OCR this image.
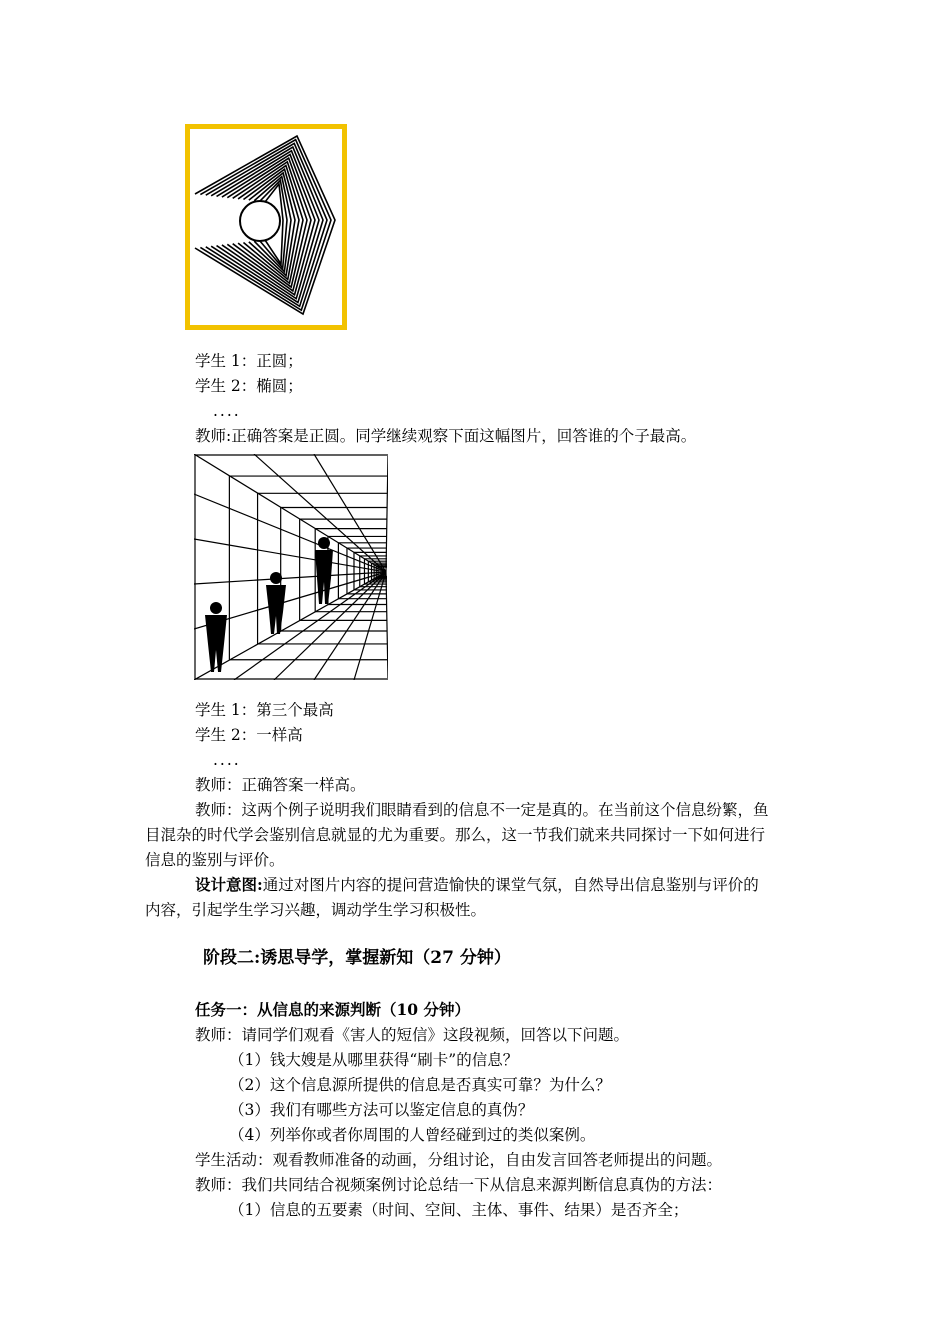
学生 1：正圆；
学生 2：椭圆；
....
教师:正确答案是正圆。同学继续观察下面这幅图片，回答谁的个子最高。
学生 1：第三个最高
学生 2：一样高
....
教师：正确答案一样高。
教师：这两个例子说明我们眼睛看到的信息不一定是真的。在当前这个信息纷繁，鱼
目混杂的时代学会鉴别信息就显的尤为重要。那么，这一节我们就来共同探讨一下如何进行
信息的鉴别与评价。
设计意图:通过对图片内容的提问营造愉快的课堂气氛，自然导出信息鉴别与评价的
内容，引起学生学习兴趣，调动学生学习积极性。
阶段二:诱思导学，掌握新知（27 分钟）
任务一：从信息的来源判断（10 分钟）
教师：请同学们观看《害人的短信》这段视频，回答以下问题。
（1）钱大嫂是从哪里获得“刷卡”的信息？
（2）这个信息源所提供的信息是否真实可靠？为什么？
（3）我们有哪些方法可以鉴定信息的真伪？
（4）列举你或者你周围的人曾经碰到过的类似案例。
学生活动：观看教师准备的动画，分组讨论，自由发言回答老师提出的问题。
教师：我们共同结合视频案例讨论总结一下从信息来源判断信息真伪的方法：
（1）信息的五要素（时间、空间、主体、事件、结果）是否齐全；
